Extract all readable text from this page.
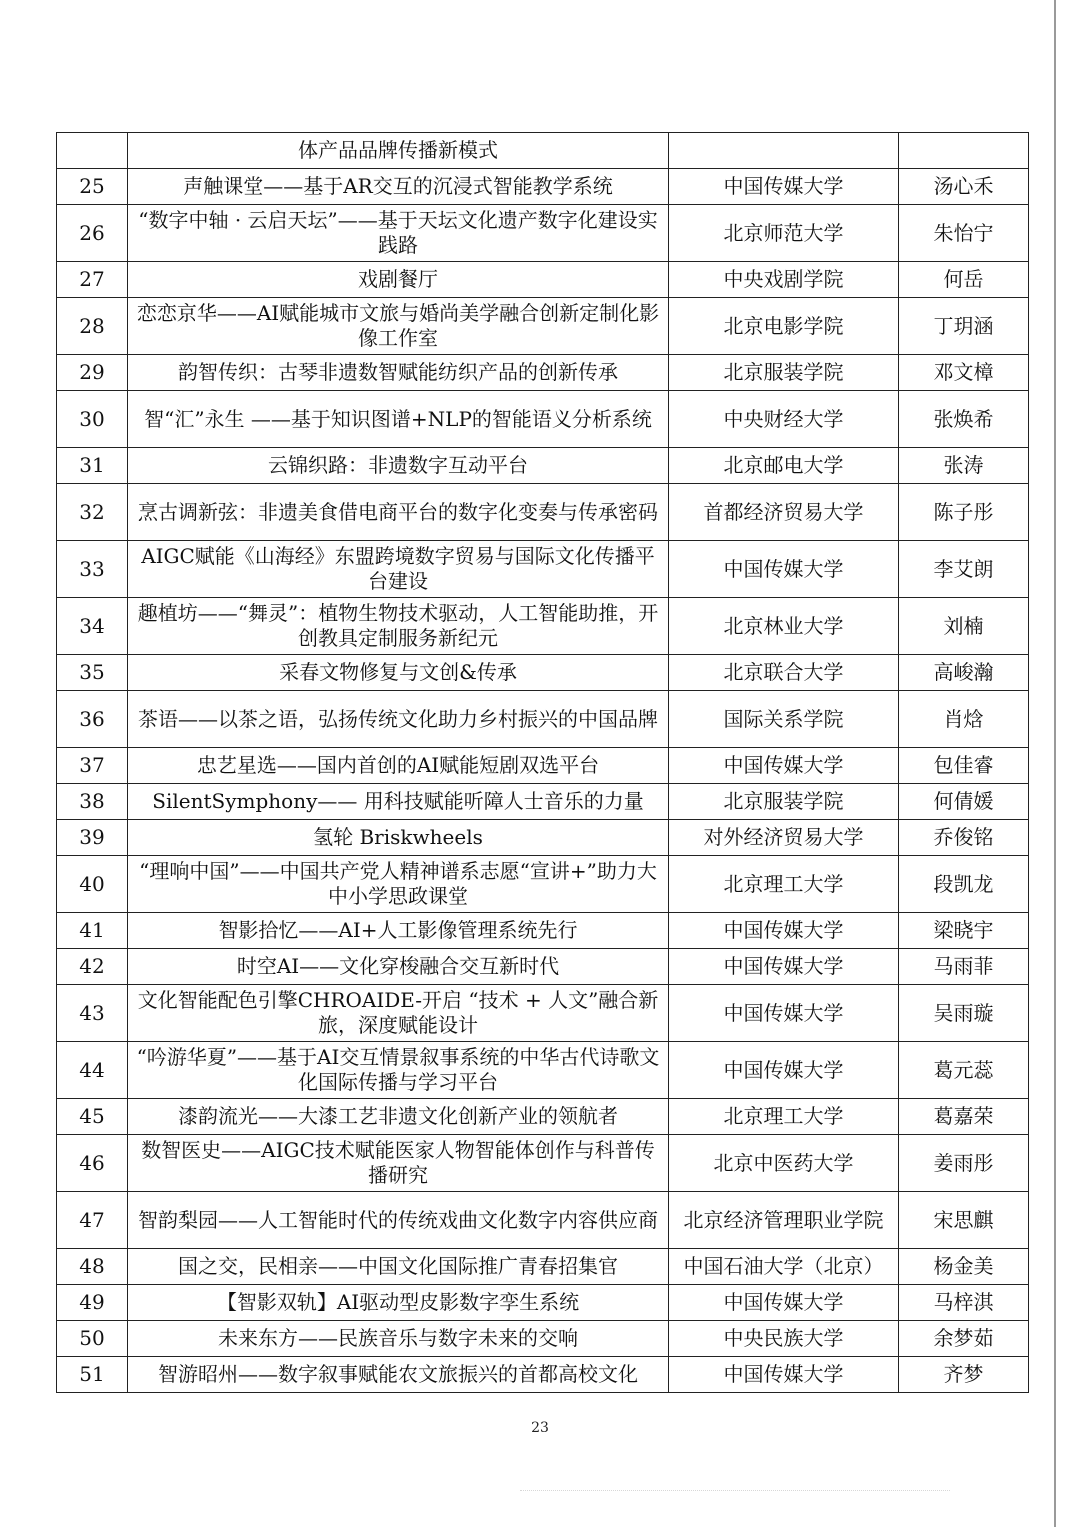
	体产品品牌传播新模式		
25	声触课堂——基于AR交互的沉浸式智能教学系统	中国传媒大学	汤心禾
26	“数字中轴 · 云启天坛”——基于天坛文化遗产数字化建设实践路	北京师范大学	朱怡宁
27	戏剧餐厅	中央戏剧学院	何岳
28	恋恋京华——AI赋能城市文旅与婚尚美学融合创新定制化影像工作室	北京电影学院	丁玥涵
29	韵智传织：古琴非遗数智赋能纺织产品的创新传承	北京服装学院	邓文樟
30	智“汇”永生 ——基于知识图谱+NLP的智能语义分析系统	中央财经大学	张焕希
31	云锦织路：非遗数字互动平台	北京邮电大学	张涛
32	烹古调新弦：非遗美食借电商平台的数字化变奏与传承密码	首都经济贸易大学	陈子彤
33	AIGC赋能《山海经》东盟跨境数字贸易与国际文化传播平台建设	中国传媒大学	李艾朗
34	趣植坊——“舞灵”：植物生物技术驱动，人工智能助推，开创教具定制服务新纪元	北京林业大学	刘楠
35	采春文物修复与文创&传承	北京联合大学	高峻瀚
36	茶语——以茶之语，弘扬传统文化助力乡村振兴的中国品牌	国际关系学院	肖焓
37	忠艺星选——国内首创的AI赋能短剧双选平台	中国传媒大学	包佳睿
38	SilentSymphony—— 用科技赋能听障人士音乐的力量	北京服装学院	何倩媛
39	氢轮 Briskwheels	对外经济贸易大学	乔俊铭
40	“理响中国”——中国共产党人精神谱系志愿“宣讲+”助力大中小学思政课堂	北京理工大学	段凯龙
41	智影拾忆——AI+人工影像管理系统先行	中国传媒大学	梁晓宇
42	时空AI——文化穿梭融合交互新时代	中国传媒大学	马雨菲
43	文化智能配色引擎CHROAIDE-开启 “技术 + 人文”融合新旅，深度赋能设计	中国传媒大学	吴雨璇
44	“吟游华夏”——基于AI交互情景叙事系统的中华古代诗歌文化国际传播与学习平台	中国传媒大学	葛元蕊
45	漆韵流光——大漆工艺非遗文化创新产业的领航者	北京理工大学	葛嘉荣
46	数智医史——AIGC技术赋能医家人物智能体创作与科普传播研究	北京中医药大学	姜雨彤
47	智韵梨园——人工智能时代的传统戏曲文化数字内容供应商	北京经济管理职业学院	宋思麒
48	国之交，民相亲——中国文化国际推广青春招集官	中国石油大学（北京）	杨金美
49	【智影双轨】AI驱动型皮影数字孪生系统	中国传媒大学	马梓淇
50	未来东方——民族音乐与数字未来的交响	中央民族大学	余梦茹
51	智游昭州——数字叙事赋能农文旅振兴的首都高校文化	中国传媒大学	齐梦
23
